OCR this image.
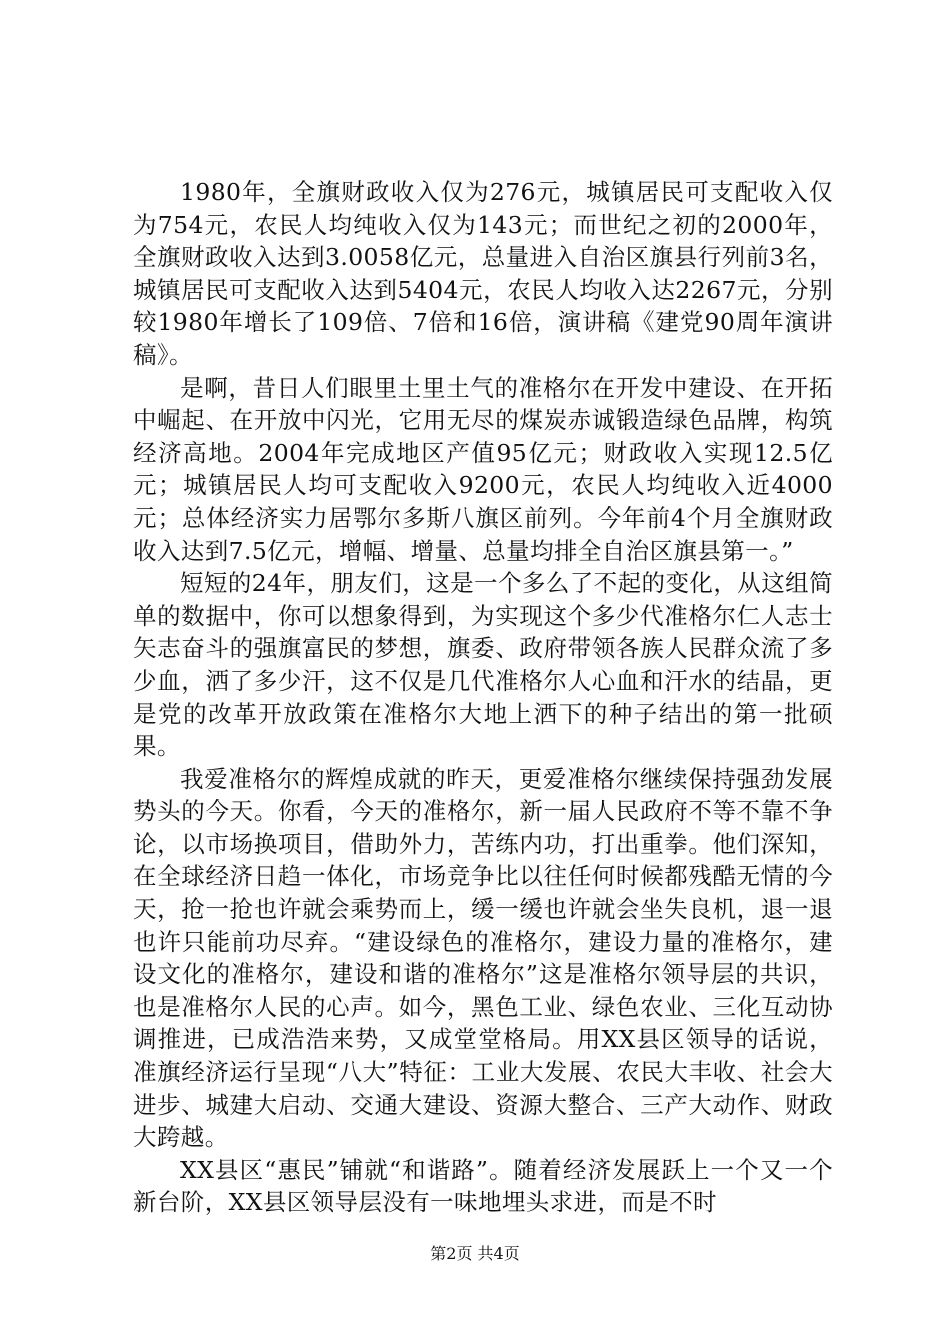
1980年，全旗财政收入仅为276元，城镇居民可支配收入仅为754元，农民人均纯收入仅为143元；而世纪之初的2000年，全旗财政收入达到3.0058亿元，总量进入自治区旗县行列前3名，城镇居民可支配收入达到5404元，农民人均收入达2267元，分别较1980年增长了109倍、7倍和16倍，演讲稿《建党90周年演讲稿》。

是啊，昔日人们眼里土里土气的准格尔在开发中建设、在开拓中崛起、在开放中闪光，它用无尽的煤炭赤诚锻造绿色品牌，构筑经济高地。2004年完成地区产值95亿元；财政收入实现12.5亿元；城镇居民人均可支配收入9200元，农民人均纯收入近4000元；总体经济实力居鄂尔多斯八旗区前列。今年前4个月全旗财政收入达到7.5亿元，增幅、增量、总量均排全自治区旗县第一。”

短短的24年，朋友们，这是一个多么了不起的变化，从这组简单的数据中，你可以想象得到，为实现这个多少代准格尔仁人志士矢志奋斗的强旗富民的梦想，旗委、政府带领各族人民群众流了多少血，洒了多少汗，这不仅是几代准格尔人心血和汗水的结晶，更是党的改革开放政策在准格尔大地上洒下的种子结出的第一批硕果。

我爱准格尔的辉煌成就的昨天，更爱准格尔继续保持强劲发展势头的今天。你看，今天的准格尔，新一届人民政府不等不靠不争论，以市场换项目，借助外力，苦练内功，打出重拳。他们深知，在全球经济日趋一体化，市场竞争比以往任何时候都残酷无情的今天，抢一抢也许就会乘势而上，缓一缓也许就会坐失良机，退一退也许只能前功尽弃。“建设绿色的准格尔，建设力量的准格尔，建设文化的准格尔，建设和谐的准格尔”这是准格尔领导层的共识，也是准格尔人民的心声。如今，黑色工业、绿色农业、三化互动协调推进，已成浩浩来势，又成堂堂格局。用XX县区领导的话说，准旗经济运行呈现“八大”特征：工业大发展、农民大丰收、社会大进步、城建大启动、交通大建设、资源大整合、三产大动作、财政大跨越。

XX县区“惠民”铺就“和谐路”。随着经济发展跃上一个又一个新台阶，XX县区领导层没有一味地埋头求进，而是不时

第2页 共4页
